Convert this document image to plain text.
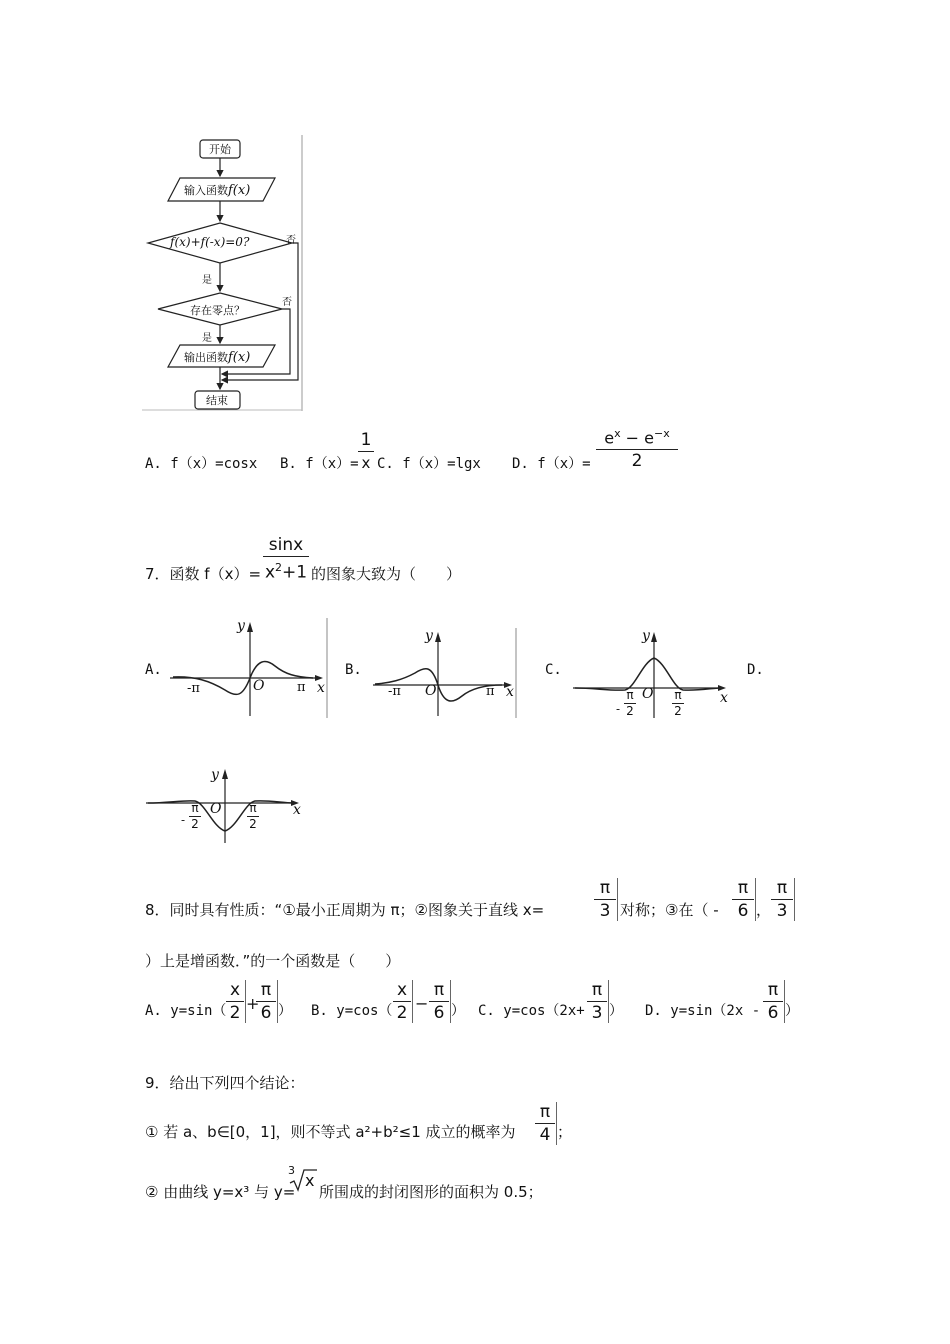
开始
输入函数f(x)
f(x)+f(-x)=0?
存在零点？
输出函数f(x)
结束
是
是
否
否
A. f（x）=cosx B. f（x）=
1
x C. f（x）=lgx D. f（x）=
$e^x - e^{-x}$
2
7．函数 f（x）=
sinx
$x^2+1$ 的图象大致为（　　）
A.	B.	C.	D.
y
x
O
-π	π
y
x
O
-π	π
y
x
O
-
π
2
π
2
y
x
O
-
π
2
π
2
8．同时具有性质：“①最小正周期为 π；②图象关于直线 x=
π
3 对称；③在（ -
π
6 ，
π
3
）上是增函数．”的一个函数是（　　）
A. y=sin（
x
2 +
π
6 ） B. y=cos（
x
2 −
π
6 ） C. y=cos（2x+
π
3 ） D. y=sin（2x -
π
6 ）
9．给出下列四个结论：
① 若 a、b∈[0，1]，则不等式 a²+b²≤1 成立的概率为
π
4 ；
② 由曲线 y=x³ 与 y=
3
x
所围成的封闭图形的面积为 0.5；
